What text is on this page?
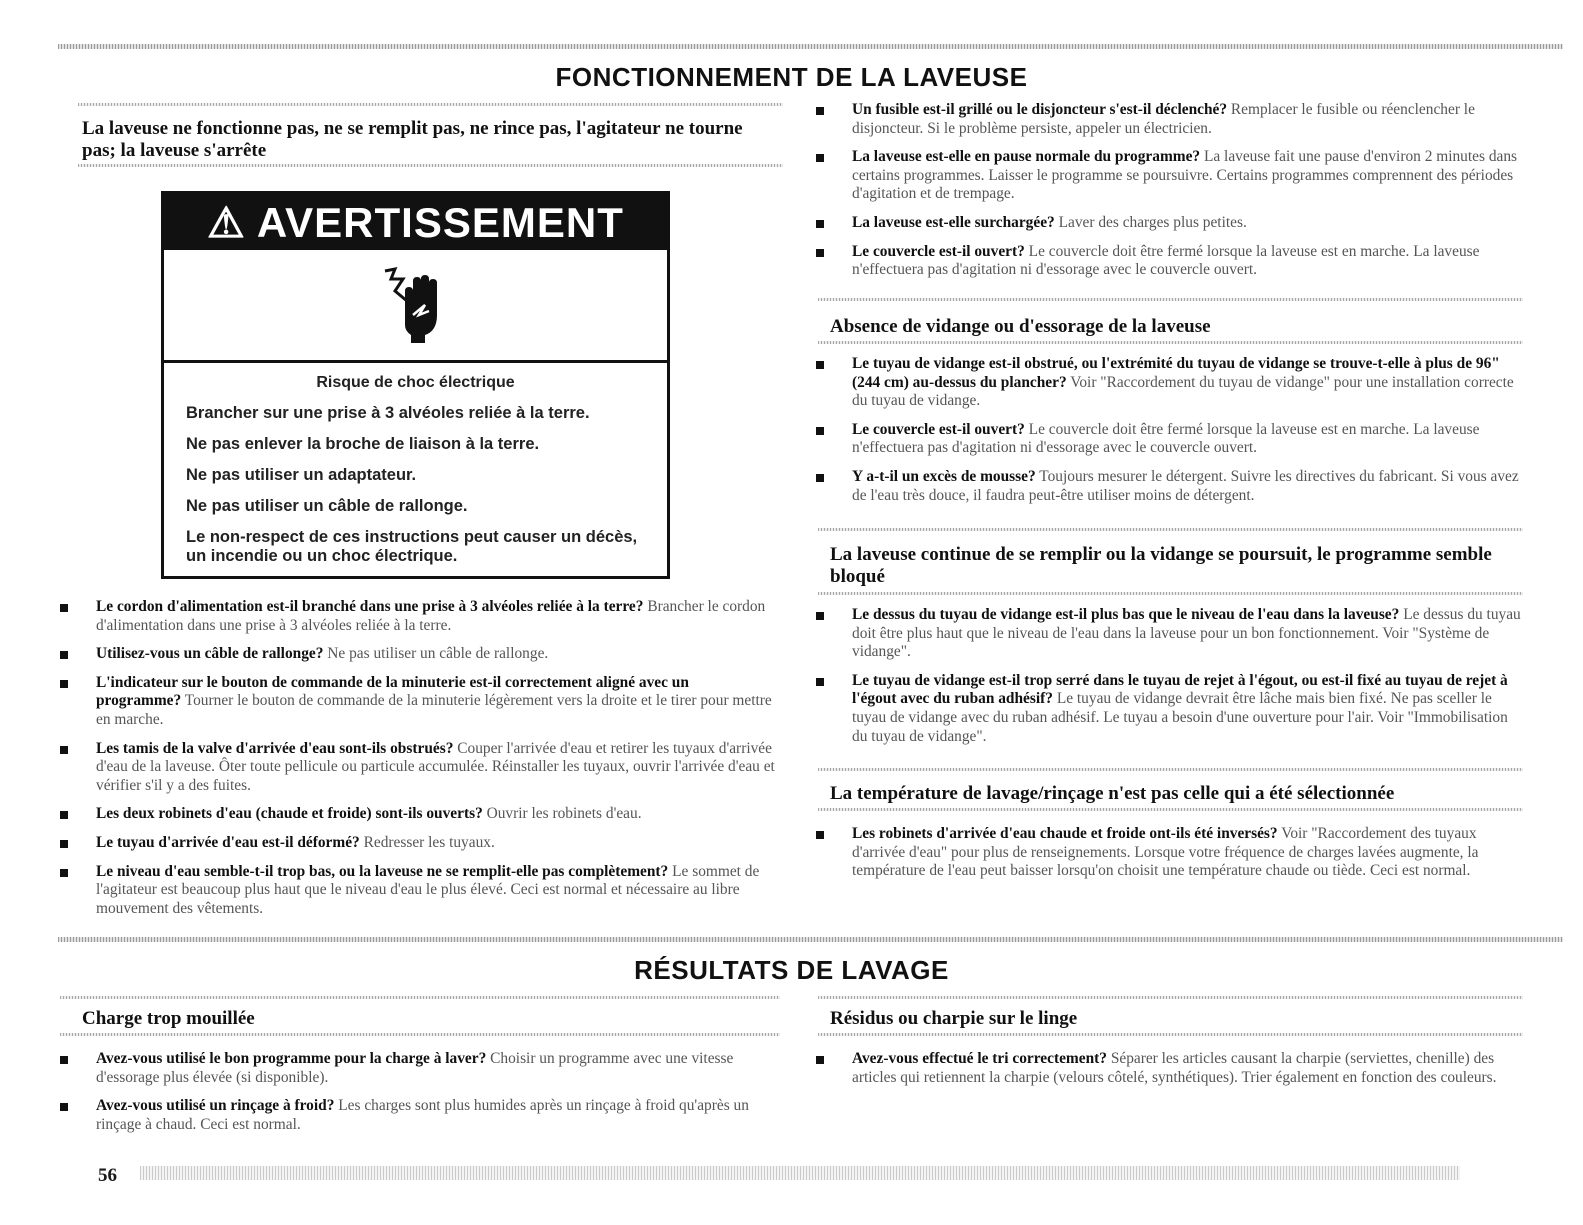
FONCTIONNEMENT DE LA LAVEUSE
La laveuse ne fonctionne pas, ne se remplit pas, ne rince pas, l'agitateur ne tourne pas; la laveuse s'arrête
⚠ AVERTISSEMENT

Risque de choc électrique

Brancher sur une prise à 3 alvéoles reliée à la terre.

Ne pas enlever la broche de liaison à la terre.

Ne pas utiliser un adaptateur.

Ne pas utiliser un câble de rallonge.

Le non-respect de ces instructions peut causer un décès, un incendie ou un choc électrique.

Le cordon d'alimentation est-il branché dans une prise à 3 alvéoles reliée à la terre? Brancher le cordon d'alimentation dans une prise à 3 alvéoles reliée à la terre.
Utilisez-vous un câble de rallonge? Ne pas utiliser un câble de rallonge.
L'indicateur sur le bouton de commande de la minuterie est-il correctement aligné avec un programme? Tourner le bouton de commande de la minuterie légèrement vers la droite et le tirer pour mettre en marche.
Les tamis de la valve d'arrivée d'eau sont-ils obstrués? Couper l'arrivée d'eau et retirer les tuyaux d'arrivée d'eau de la laveuse. Ôter toute pellicule ou particule accumulée. Réinstaller les tuyaux, ouvrir l'arrivée d'eau et vérifier s'il y a des fuites.
Les deux robinets d'eau (chaude et froide) sont-ils ouverts? Ouvrir les robinets d'eau.
Le tuyau d'arrivée d'eau est-il déformé? Redresser les tuyaux.
Le niveau d'eau semble-t-il trop bas, ou la laveuse ne se remplit-elle pas complètement? Le sommet de l'agitateur est beaucoup plus haut que le niveau d'eau le plus élevé. Ceci est normal et nécessaire au libre mouvement des vêtements.
Un fusible est-il grillé ou le disjoncteur s'est-il déclenché? Remplacer le fusible ou réenclencher le disjoncteur. Si le problème persiste, appeler un électricien.
La laveuse est-elle en pause normale du programme? La laveuse fait une pause d'environ 2 minutes dans certains programmes. Laisser le programme se poursuivre. Certains programmes comprennent des périodes d'agitation et de trempage.
La laveuse est-elle surchargée? Laver des charges plus petites.
Le couvercle est-il ouvert? Le couvercle doit être fermé lorsque la laveuse est en marche. La laveuse n'effectuera pas d'agitation ni d'essorage avec le couvercle ouvert.
Absence de vidange ou d'essorage de la laveuse
Le tuyau de vidange est-il obstrué, ou l'extrémité du tuyau de vidange se trouve-t-elle à plus de 96" (244 cm) au-dessus du plancher? Voir "Raccordement du tuyau de vidange" pour une installation correcte du tuyau de vidange.
Le couvercle est-il ouvert? Le couvercle doit être fermé lorsque la laveuse est en marche. La laveuse n'effectuera pas d'agitation ni d'essorage avec le couvercle ouvert.
Y a-t-il un excès de mousse? Toujours mesurer le détergent. Suivre les directives du fabricant. Si vous avez de l'eau très douce, il faudra peut-être utiliser moins de détergent.
La laveuse continue de se remplir ou la vidange se poursuit, le programme semble bloqué
Le dessus du tuyau de vidange est-il plus bas que le niveau de l'eau dans la laveuse? Le dessus du tuyau doit être plus haut que le niveau de l'eau dans la laveuse pour un bon fonctionnement. Voir "Système de vidange".
Le tuyau de vidange est-il trop serré dans le tuyau de rejet à l'égout, ou est-il fixé au tuyau de rejet à l'égout avec du ruban adhésif? Le tuyau de vidange devrait être lâche mais bien fixé. Ne pas sceller le tuyau de vidange avec du ruban adhésif. Le tuyau a besoin d'une ouverture pour l'air. Voir "Immobilisation du tuyau de vidange".
La température de lavage/rinçage n'est pas celle qui a été sélectionnée
Les robinets d'arrivée d'eau chaude et froide ont-ils été inversés? Voir "Raccordement des tuyaux d'arrivée d'eau" pour plus de renseignements. Lorsque votre fréquence de charges lavées augmente, la température de l'eau peut baisser lorsqu'on choisit une température chaude ou tiède. Ceci est normal.
RÉSULTATS DE LAVAGE
Charge trop mouillée
Avez-vous utilisé le bon programme pour la charge à laver? Choisir un programme avec une vitesse d'essorage plus élevée (si disponible).
Avez-vous utilisé un rinçage à froid? Les charges sont plus humides après un rinçage à froid qu'après un rinçage à chaud. Ceci est normal.
Résidus ou charpie sur le linge
Avez-vous effectué le tri correctement? Séparer les articles causant la charpie (serviettes, chenille) des articles qui retiennent la charpie (velours côtelé, synthétiques). Trier également en fonction des couleurs.
56
